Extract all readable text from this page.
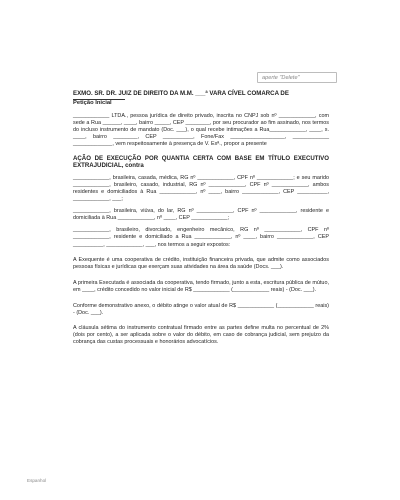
aperte "Delete"

EXMO. SR. DR. JUIZ DE DIREITO DA M.M. ___ª VARA CÍVEL COMARCA DE

Petição Inicial

____________ LTDA., pessoa jurídica de direito privado, inscrita no CNPJ sob nº ____________, com sede a Rua ______, ____, bairro _____, CEP ________, por seu procurador ao fim assinado, nos termos do incluso instrumento de mandato (Doc. ___), o qual recebe intimações a Rua____________, ____, s. ____, bairro ________, CEP __________, Fone/Fax __________________, ____________ _____________, vem respeitosamente à presença de V. Exª., propor a presente

AÇÃO DE EXECUÇÃO POR QUANTIA CERTA COM BASE EM TÍTULO EXECUTIVO EXTRAJUDICIAL, contra

____________, brasileira, casada, médica, RG nº ____________, CPF nº ____________; e seu marido ____________, brasileiro, casado, industrial, RG nº ____________, CPF nº ____________, ambos residentes e domiciliados à Rua ____________, nº ____, bairro ____________, CEP __________, ____________, ___;

____________, brasileira, viúva, do lar, RG nº ____________, CPF nº ____________, residente e domiciliada à Rua ____________, nº ____, CEP ____________;

____________, brasileiro, divorciado, engenheiro mecânico, RG nº ____________, CPF nº ____________, residente e domiciliado a Rua ____________, nº ____, bairro ____________, CEP __________, ____________, ___, nos termos a seguir expostos:

A Exequente é uma cooperativa de crédito, instituição financeira privada, que admite como associados pessoas físicas e jurídicas que exerçam suas atividades na área da saúde (Docs. ___).

A primeira Executada é associada da cooperativa, tendo firmado, junto a esta, escritura pública de mútuo, em ____, crédito concedido no valor inicial de R$ ____________ (____________ reais) - (Doc. ___).

Conforme demonstrativo anexo, o débito atinge o valor atual de R$ ____________ (____________ reais) - (Doc. ___).

A cláusula sétima do instrumento contratual firmado entre as partes define multa no percentual de 2% (dois por cento), a ser aplicada sobre o valor do débito, em caso de cobrança judicial, sem prejuízo da cobrança das custas processuais e honorários advocatícios.

Espanhol
